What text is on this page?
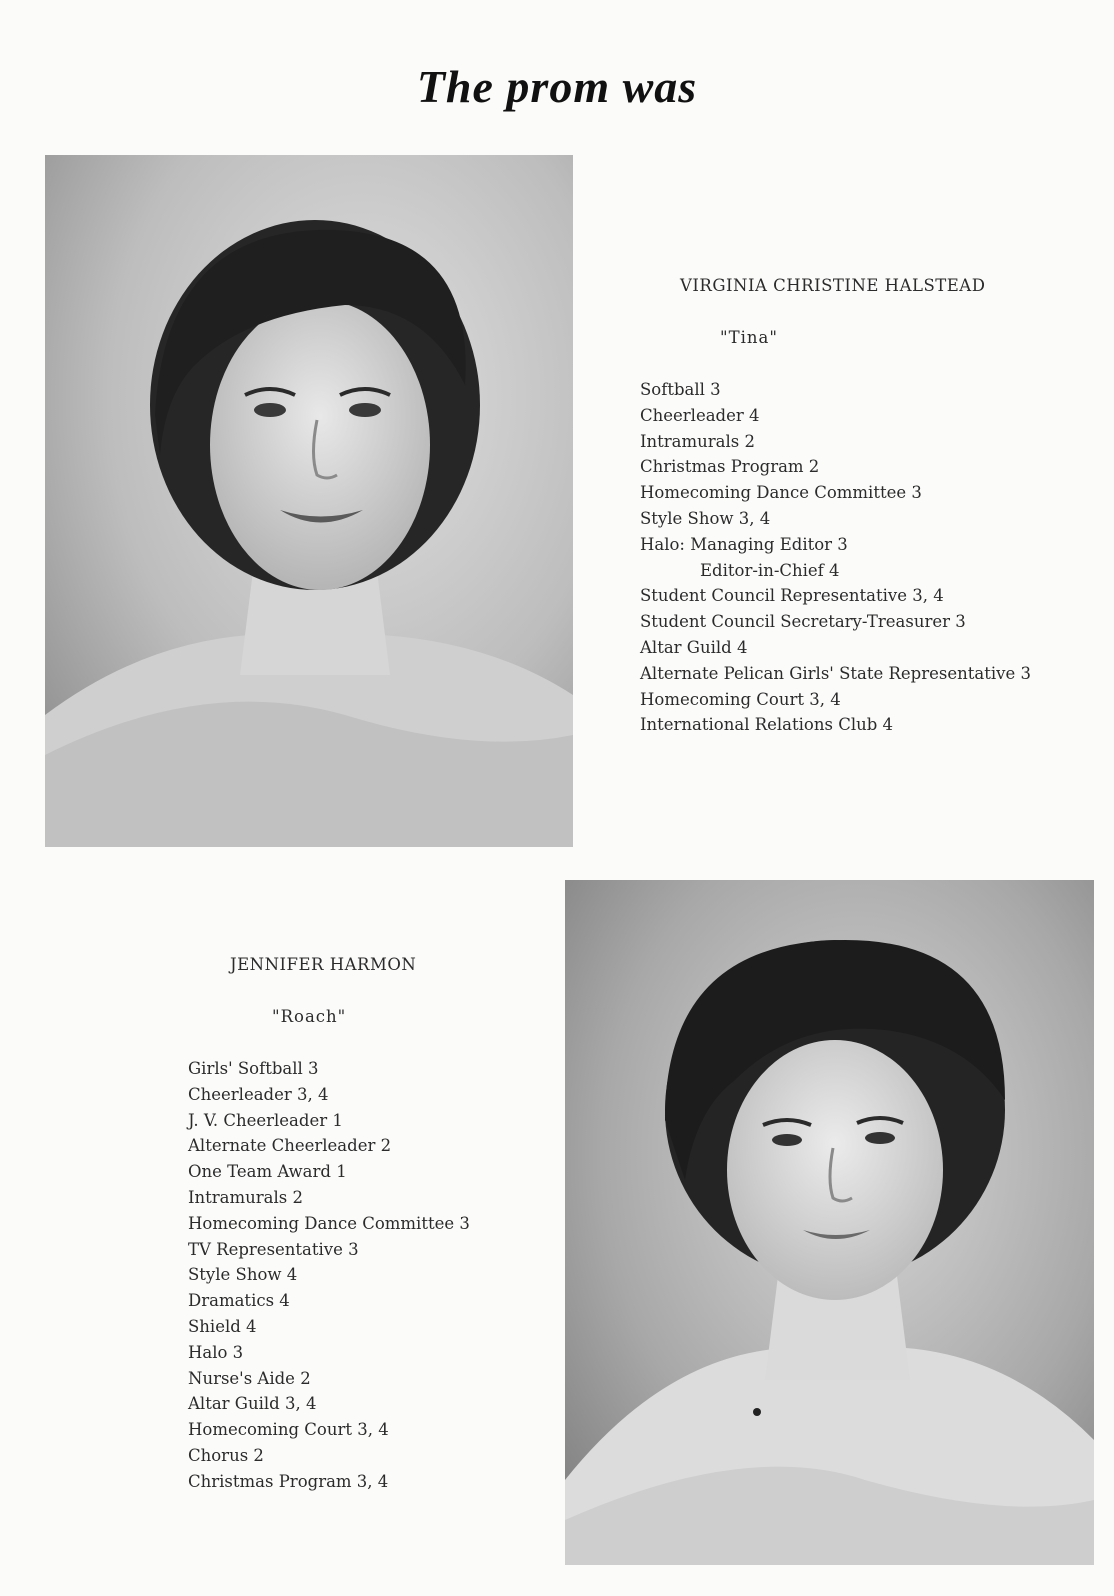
The prom was
VIRGINIA CHRISTINE HALSTEAD
"Tina"
Softball 3
Cheerleader 4
Intramurals 2
Christmas Program 2
Homecoming Dance Committee 3
Style Show 3, 4
Halo: Managing Editor 3
Editor-in-Chief 4
Student Council Representative 3, 4
Student Council Secretary-Treasurer 3
Altar Guild 4
Alternate Pelican Girls' State Representative 3
Homecoming Court 3, 4
International Relations Club 4
JENNIFER HARMON
"Roach"
Girls' Softball 3
Cheerleader 3, 4
J. V. Cheerleader 1
Alternate Cheerleader 2
One Team Award 1
Intramurals 2
Homecoming Dance Committee 3
TV Representative 3
Style Show 4
Dramatics 4
Shield 4
Halo 3
Nurse's Aide 2
Altar Guild 3, 4
Homecoming Court 3, 4
Chorus 2
Christmas Program 3, 4
